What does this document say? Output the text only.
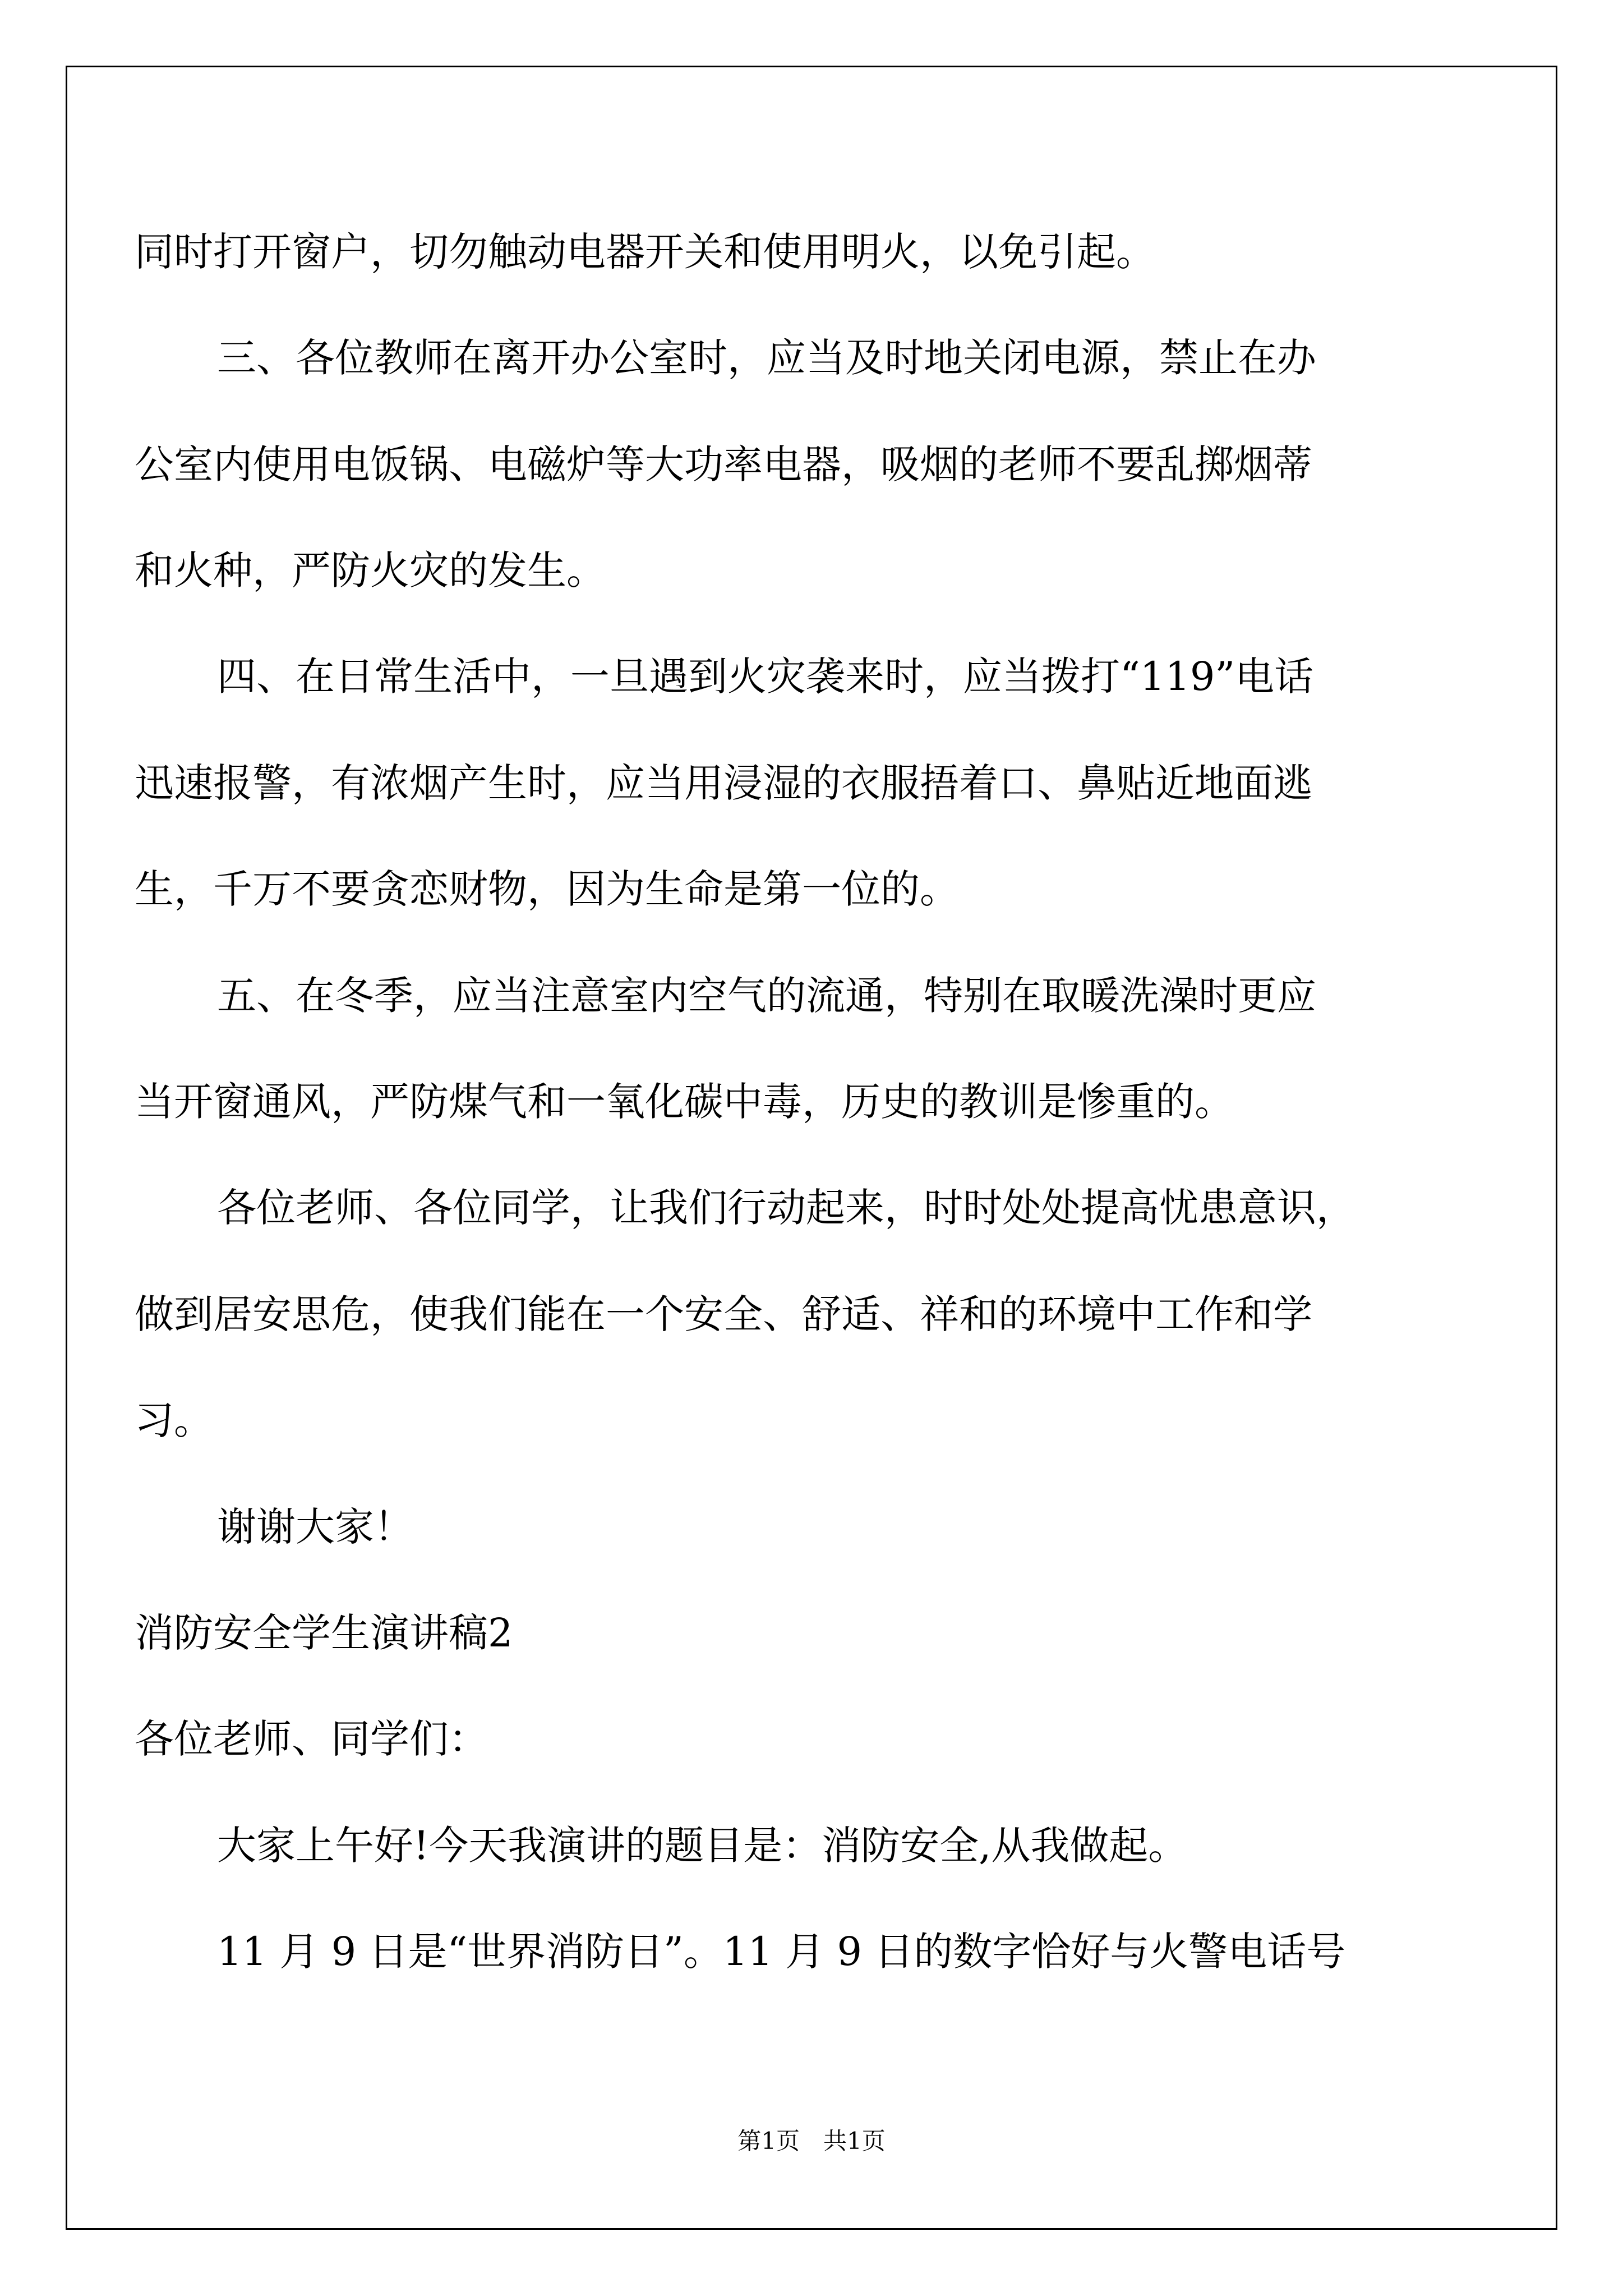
同时打开窗户，切勿触动电器开关和使用明火，以免引起。
三、各位教师在离开办公室时，应当及时地关闭电源，禁止在办
公室内使用电饭锅、电磁炉等大功率电器，吸烟的老师不要乱掷烟蒂
和火种，严防火灾的发生。
四、在日常生活中，一旦遇到火灾袭来时，应当拨打“119”电话
迅速报警，有浓烟产生时，应当用浸湿的衣服捂着口、鼻贴近地面逃
生，千万不要贪恋财物，因为生命是第一位的。
五、在冬季，应当注意室内空气的流通，特别在取暖洗澡时更应
当开窗通风，严防煤气和一氧化碳中毒，历史的教训是惨重的。
各位老师、各位同学，让我们行动起来，时时处处提高忧患意识，
做到居安思危，使我们能在一个安全、舒适、祥和的环境中工作和学
习。
谢谢大家！
消防安全学生演讲稿2
各位老师、同学们：
大家上午好!今天我演讲的题目是：消防安全,从我做起。
11 月 9 日是“世界消防日”。11 月 9 日的数字恰好与火警电话号
第1页　共1页
